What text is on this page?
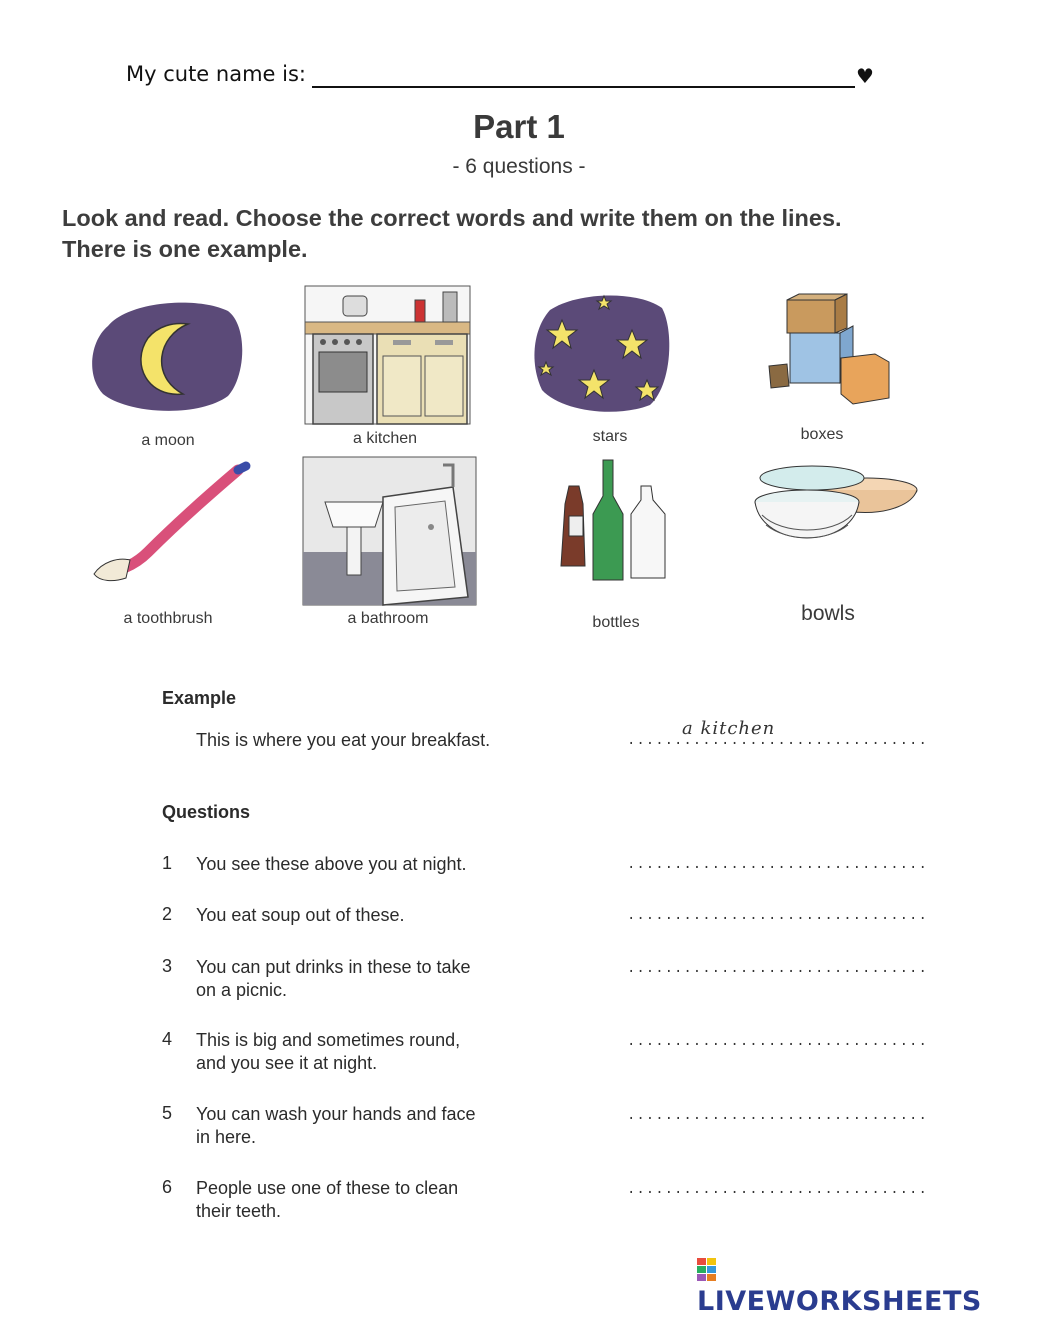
My cute name is:	♥
Part 1
- 6 questions -
Look and read. Choose the correct words and write them on the lines.
There is one example.
a moon	a kitchen	stars	boxes
a toothbrush	a bathroom	bottles	bowls
Example
This is where you eat your breakfast.
a kitchen
................................
Questions
1 You see these above you at night.	................................
2 You eat soup out of these.	................................
3 You can put drinks in these to take
on a picnic.
................................
4 This is big and sometimes round,
and you see it at night.
................................
5 You can wash your hands and face
in here.
................................
6 People use one of these to clean
their teeth.
................................
LIVEWORKSHEETS
